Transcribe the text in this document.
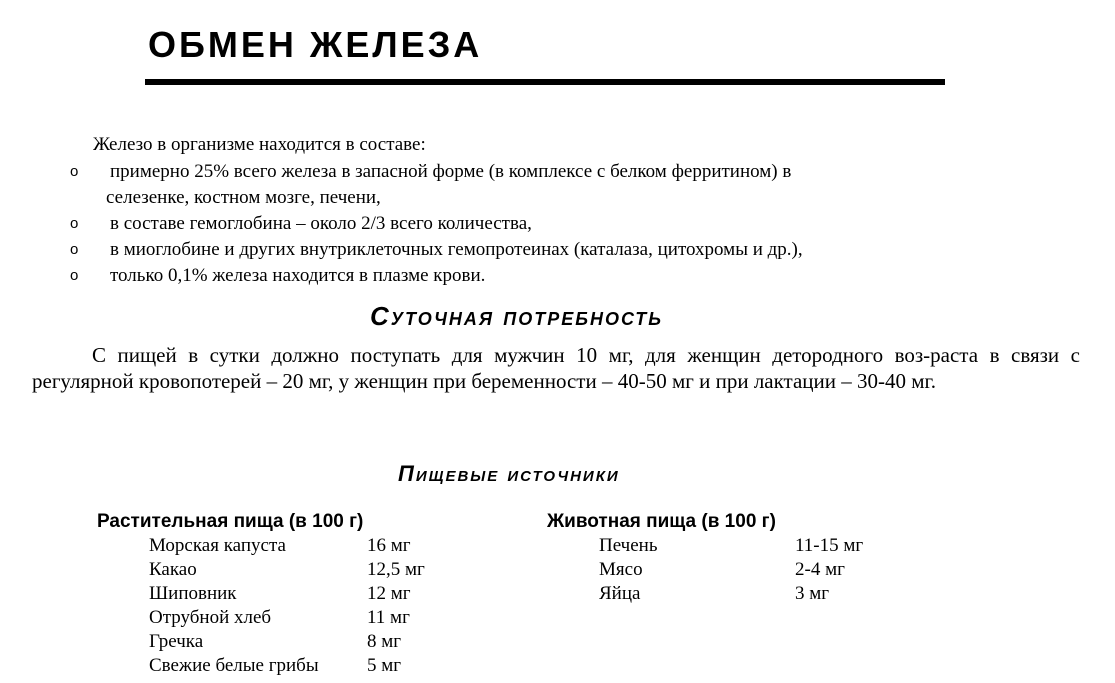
ОБМЕН ЖЕЛЕЗА

Железо в организме находится в составе:

o примерно 25% всего железа в запасной форме (в комплексе с белком ферритином) в
селезенке, костном мозге, печени,
o в составе гемоглобина – около 2/3 всего количества,
o в миоглобине и других внутриклеточных гемопротеинах (каталаза, цитохромы и др.),
o только 0,1% железа находится в плазме крови.
Суточная потребность

С пищей в сутки должно поступать для мужчин 10 мг, для женщин детородного воз-раста в связи с регулярной кровопотерей – 20 мг, у женщин при беременности – 40-50 мг и при лактации – 30-40 мг.

Пищевые источники

Растительная пища (в 100 г)

Морская капуста	16 мг
Какао	12,5 мг
Шиповник	12 мг
Отрубной хлеб	11 мг
Гречка	8 мг
Свежие белые грибы	5 мг

Животная пища (в 100 г)

Печень	11-15 мг
Мясо	2-4 мг
Яйца	3 мг
